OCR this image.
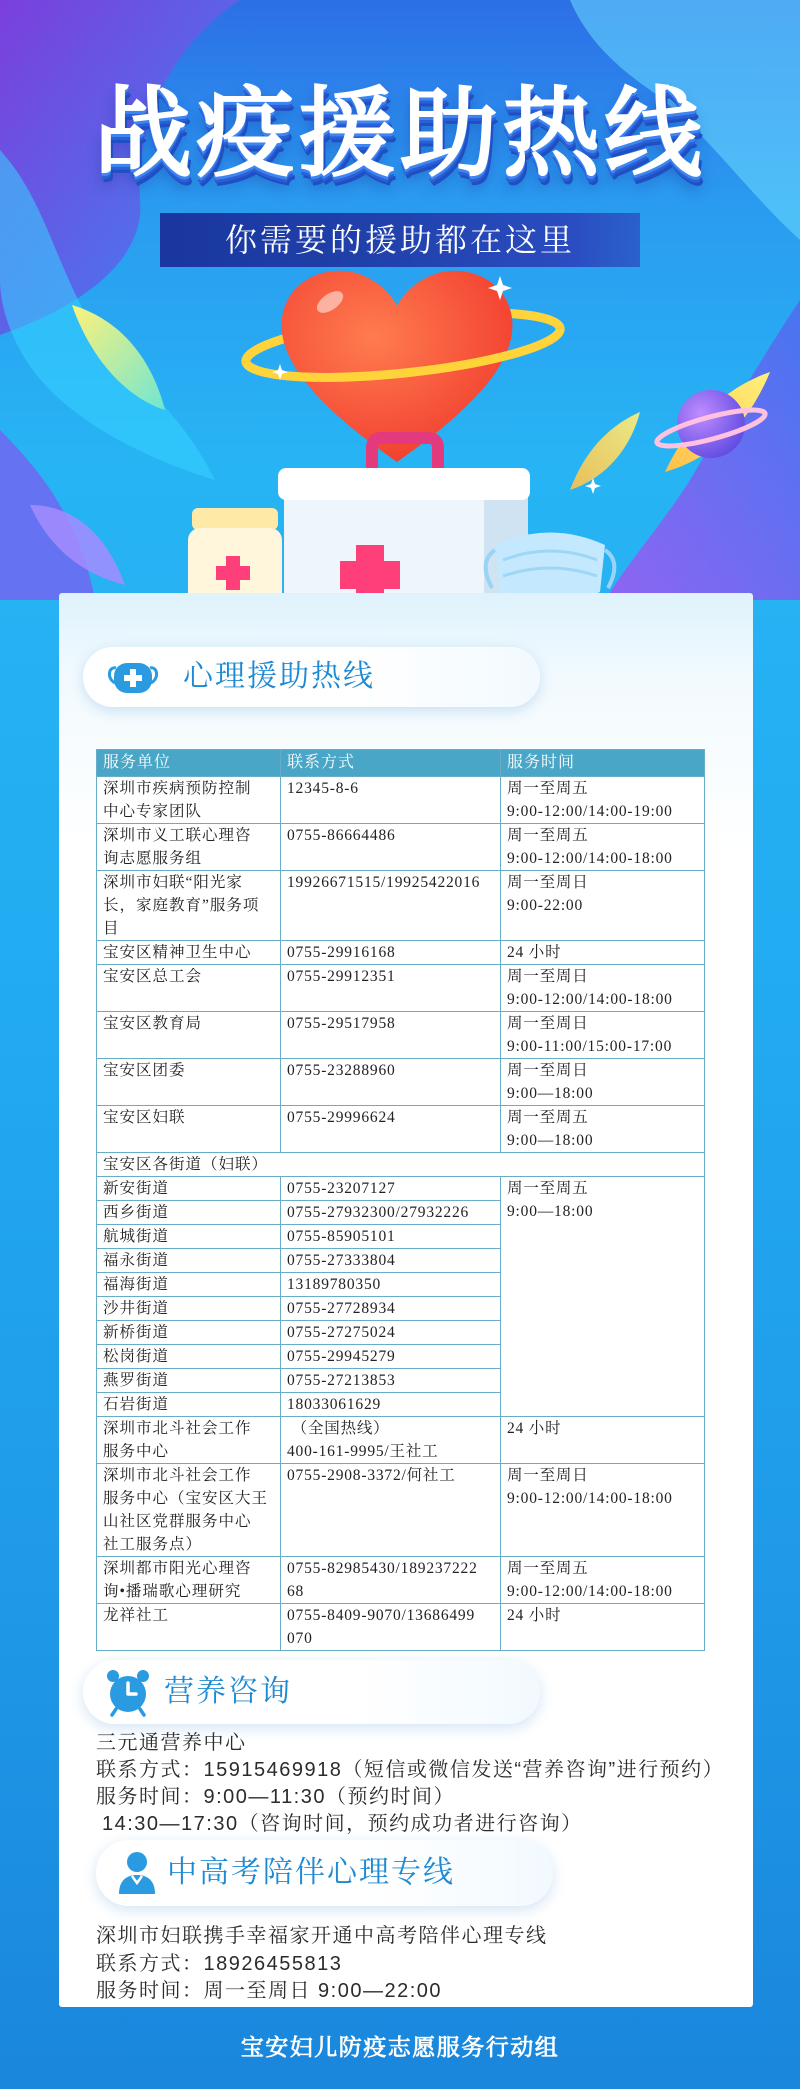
战疫援助热线
你需要的援助都在这里
心理援助热线
服务单位	联系方式	服务时间
深圳市疾病预防控制
中心专家团队	12345-8-6	周一至周五
9:00-12:00/14:00-19:00
深圳市义工联心理咨
询志愿服务组	0755-86664486	周一至周五
9:00-12:00/14:00-18:00
深圳市妇联“阳光家
长，家庭教育”服务项
目	19926671515/19925422016	周一至周日
9:00-22:00
宝安区精神卫生中心	0755-29916168	24 小时
宝安区总工会	0755-29912351	周一至周日
9:00-12:00/14:00-18:00
宝安区教育局	0755-29517958	周一至周日
9:00-11:00/15:00-17:00
宝安区团委	0755-23288960	周一至周日
9:00—18:00
宝安区妇联	0755-29996624	周一至周五
9:00—18:00
宝安区各街道（妇联）		
新安街道	0755-23207127	周一至周五
9:00—18:00
西乡街道	0755-27932300/27932226	
航城街道	0755-85905101	
福永街道	0755-27333804	
福海街道	13189780350	
沙井街道	0755-27728934	
新桥街道	0755-27275024	
松岗街道	0755-29945279	
燕罗街道	0755-27213853	
石岩街道	18033061629	
深圳市北斗社会工作
服务中心	（全国热线）
400-161-9995/王社工	24 小时
深圳市北斗社会工作
服务中心（宝安区大王
山社区党群服务中心
社工服务点）	0755-2908-3372/何社工	周一至周日
9:00-12:00/14:00-18:00
深圳都市阳光心理咨
询•播瑞歌心理研究	0755-82985430/189237222
68	周一至周五
9:00-12:00/14:00-18:00
龙祥社工	0755-8409-9070/13686499
070	24 小时
营养咨询
三元通营养中心
联系方式：15915469918（短信或微信发送“营养咨询”进行预约）
服务时间：9:00—11:30（预约时间）
14:30—17:30（咨询时间，预约成功者进行咨询）
中高考陪伴心理专线
深圳市妇联携手幸福家开通中高考陪伴心理专线
联系方式：18926455813
服务时间：周一至周日 9:00—22:00
宝安妇儿防疫志愿服务行动组
